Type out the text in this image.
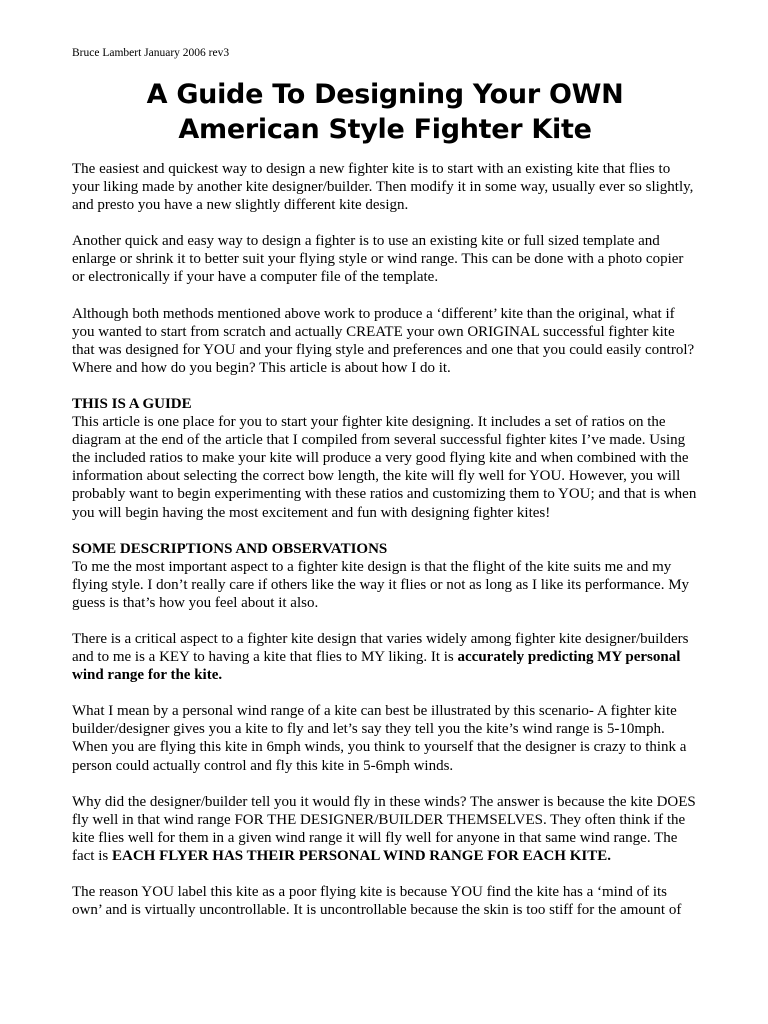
Bruce Lambert January 2006 rev3
A Guide To Designing Your OWN
American Style Fighter Kite

The easiest and quickest way to design a new fighter kite is to start with an existing kite that flies to your liking made by another kite designer/builder. Then modify it in some way, usually ever so slightly, and presto you have a new slightly different kite design.

Another quick and easy way to design a fighter is to use an existing kite or full sized template and enlarge or shrink it to better suit your flying style or wind range. This can be done with a photo copier or electronically if your have a computer file of the template.

Although both methods mentioned above work to produce a ‘different’ kite than the original, what if you wanted to start from scratch and actually CREATE your own ORIGINAL successful fighter kite that was designed for YOU and your flying style and preferences and one that you could easily control? Where and how do you begin? This article is about how I do it.

THIS IS A GUIDE
This article is one place for you to start your fighter kite designing. It includes a set of ratios on the diagram at the end of the article that I compiled from several successful fighter kites I’ve made. Using the included ratios to make your kite will produce a very good flying kite and when combined with the information about selecting the correct bow length, the kite will fly well for YOU. However, you will probably want to begin experimenting with these ratios and customizing them to YOU; and that is when you will begin having the most excitement and fun with designing fighter kites!

SOME DESCRIPTIONS AND OBSERVATIONS
To me the most important aspect to a fighter kite design is that the flight of the kite suits me and my flying style. I don’t really care if others like the way it flies or not as long as I like its performance. My guess is that’s how you feel about it also.

There is a critical aspect to a fighter kite design that varies widely among fighter kite designer/builders and to me is a KEY to having a kite that flies to MY liking. It is accurately predicting MY personal wind range for the kite.

What I mean by a personal wind range of a kite can best be illustrated by this scenario- A fighter kite builder/designer gives you a kite to fly and let’s say they tell you the kite’s wind range is 5-10mph. When you are flying this kite in 6mph winds, you think to yourself that the designer is crazy to think a person could actually control and fly this kite in 5-6mph winds.

Why did the designer/builder tell you it would fly in these winds? The answer is because the kite DOES fly well in that wind range FOR THE DESIGNER/BUILDER THEMSELVES. They often think if the kite flies well for them in a given wind range it will fly well for anyone in that same wind range. The fact is EACH FLYER HAS THEIR PERSONAL WIND RANGE FOR EACH KITE.

The reason YOU label this kite as a poor flying kite is because YOU find the kite has a ‘mind of its own’ and is virtually uncontrollable. It is uncontrollable because the skin is too stiff for the amount of
